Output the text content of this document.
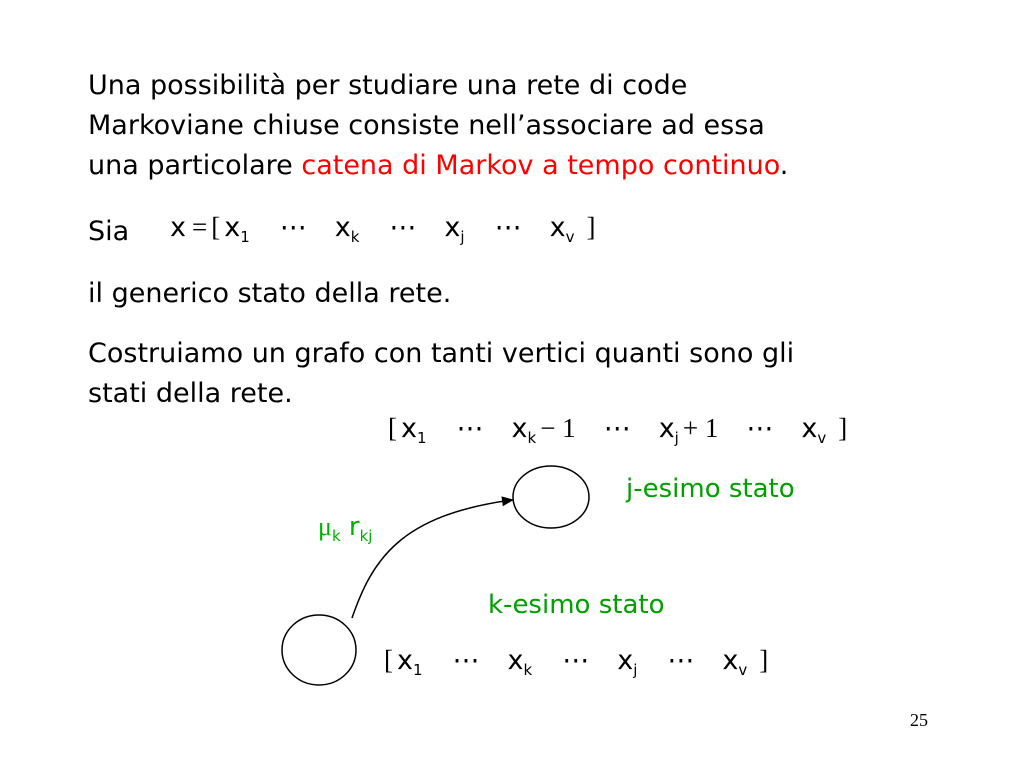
Una possibilità per studiare una rete di code
Markoviane chiuse consiste nell’associare ad essa
una particolare catena di Markov a tempo continuo.
Sia x = [ $x_1$ ⋯ $x_k$ ⋯ $x_j$ ⋯ $x_v$ ]
il generico stato della rete.
Costruiamo un grafo con tanti vertici quanti sono gli
stati della rete.
[ $x_1$ ⋯ $x_k - 1$ ⋯ $x_j + 1$ ⋯ $x_v$ ]
j-esimo stato
k-esimo stato
$\mu_k$ $r_{kj}$
[ $x_1$ ⋯ $x_k$ ⋯ $x_j$ ⋯ $x_v$ ]
25
